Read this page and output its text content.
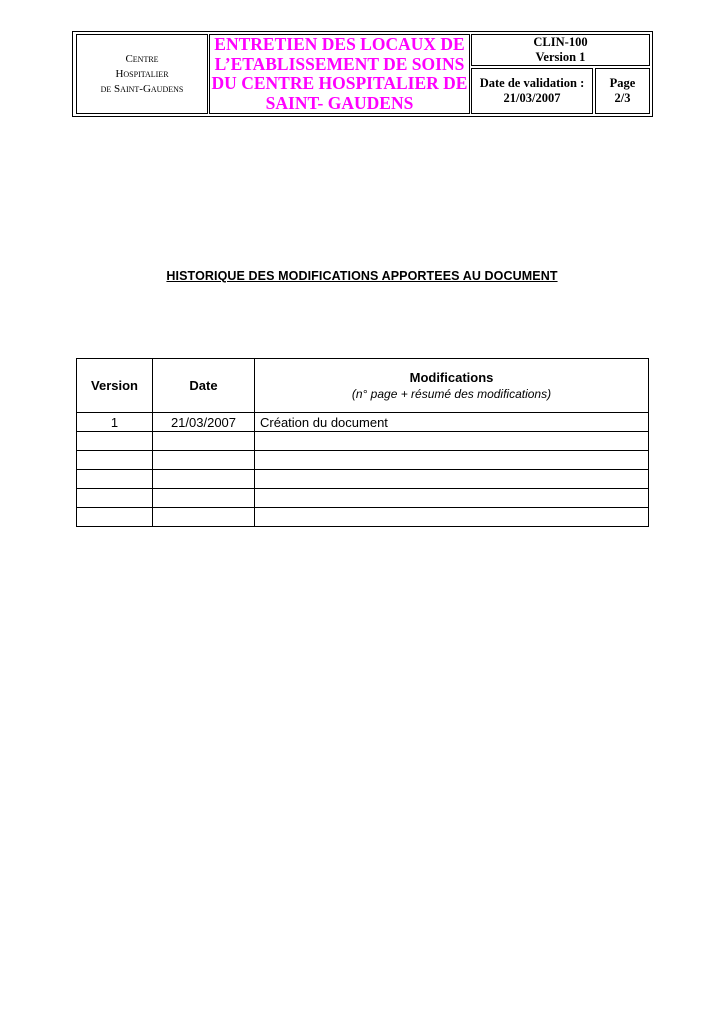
Centre
Hospitalier
de Saint-Gaudens
ENTRETIEN DES LOCAUX DE
L’ETABLISSEMENT DE SOINS
DU CENTRE HOSPITALIER DE
SAINT- GAUDENS
CLIN-100
Version 1
Date de validation :
21/03/2007
Page
2/3
HISTORIQUE DES MODIFICATIONS APPORTEES AU DOCUMENT
Version	Date	Modifications
(n° page + résumé des modifications)

1	21/03/2007	Création du document
